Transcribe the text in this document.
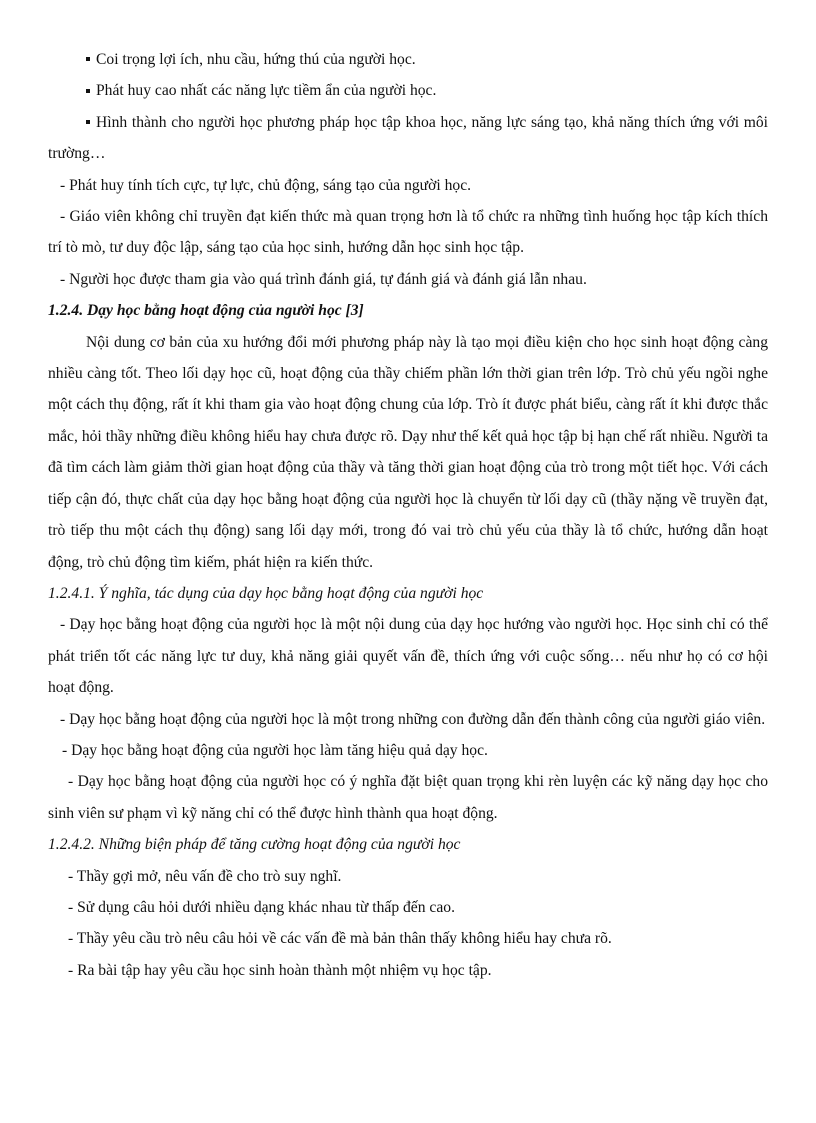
Coi trọng lợi ích, nhu cầu, hứng thú của người học.

Phát huy cao nhất các năng lực tiềm ẩn của người học.

Hình thành cho người học phương pháp học tập khoa học, năng lực sáng tạo, khả năng thích ứng với môi trường…

- Phát huy tính tích cực, tự lực, chủ động, sáng tạo của người học.

- Giáo viên không chỉ truyền đạt kiến thức mà quan trọng hơn là tổ chức ra những tình huống học tập kích thích trí tò mò, tư duy độc lập, sáng tạo của học sinh, hướng dẫn học sinh học tập.

- Người học được tham gia vào quá trình đánh giá, tự đánh giá và đánh giá lẫn nhau.

1.2.4. Dạy học bằng hoạt động của người học [3]

Nội dung cơ bản của xu hướng đổi mới phương pháp này là tạo mọi điều kiện cho học sinh hoạt động càng nhiều càng tốt. Theo lối dạy học cũ, hoạt động của thầy chiếm phần lớn thời gian trên lớp. Trò chủ yếu ngồi nghe một cách thụ động, rất ít khi tham gia vào hoạt động chung của lớp. Trò ít được phát biểu, càng rất ít khi được thắc mắc, hỏi thầy những điều không hiểu hay chưa được rõ. Dạy như thế kết quả học tập bị hạn chế rất nhiều. Người ta đã tìm cách làm giảm thời gian hoạt động của thầy và tăng thời gian hoạt động của trò trong một tiết học. Với cách tiếp cận đó, thực chất của dạy học bằng hoạt động của người học là chuyển từ lối dạy cũ (thầy nặng về truyền đạt, trò tiếp thu một cách thụ động) sang lối dạy mới, trong đó vai trò chủ yếu của thầy là tổ chức, hướng dẫn hoạt động, trò chủ động tìm kiếm, phát hiện ra kiến thức.

1.2.4.1. Ý nghĩa, tác dụng của dạy học bằng hoạt động của người học

- Dạy học bằng hoạt động của người học là một nội dung của dạy học hướng vào người học. Học sinh chỉ có thể phát triển tốt các năng lực tư duy, khả năng giải quyết vấn đề, thích ứng với cuộc sống… nếu như họ có cơ hội hoạt động.

- Dạy học bằng hoạt động của người học là một trong những con đường dẫn đến thành công của người giáo viên.

- Dạy học bằng hoạt động của người học làm tăng hiệu quả dạy học.

- Dạy học bằng hoạt động của người học có ý nghĩa đặt biệt quan trọng khi rèn luyện các kỹ năng dạy học cho sinh viên sư phạm vì kỹ năng chỉ có thể được hình thành qua hoạt động.

1.2.4.2. Những biện pháp để tăng cường hoạt động của người học

- Thầy gợi mở, nêu vấn đề cho trò suy nghĩ.

- Sử dụng câu hỏi dưới nhiều dạng khác nhau từ thấp đến cao.

- Thầy yêu cầu trò nêu câu hỏi về các vấn đề mà bản thân thấy không hiểu hay chưa rõ.

- Ra bài tập hay yêu cầu học sinh hoàn thành một nhiệm vụ học tập.
